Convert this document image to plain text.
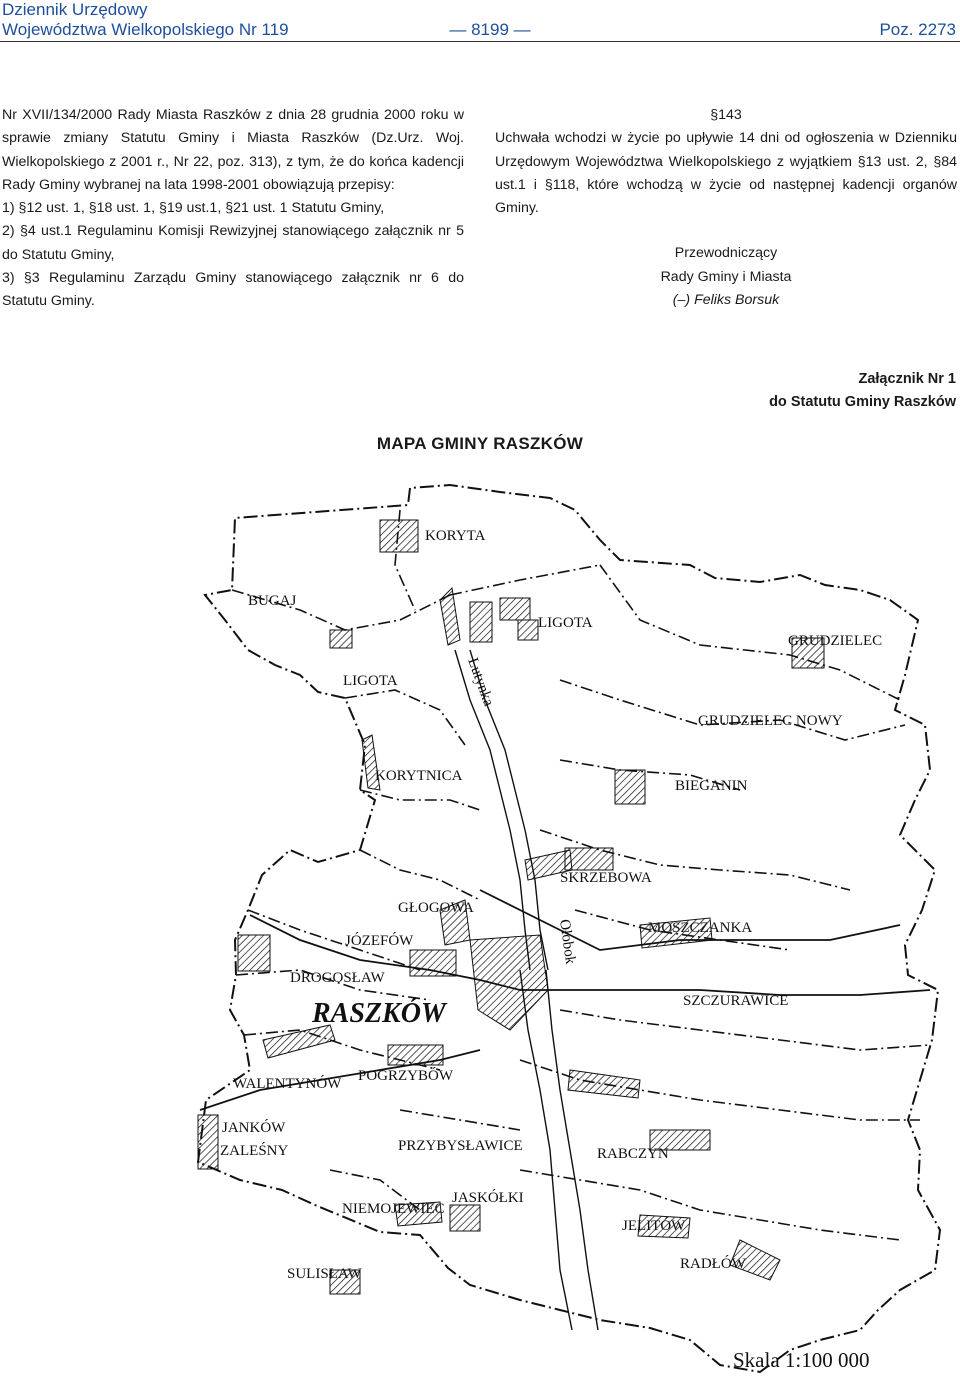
Dziennik Urzędowy
Województwa Wielkopolskiego Nr 119	— 8199 —	Poz. 2273

Nr XVII/134/2000 Rady Miasta Raszków z dnia 28 grudnia 2000 roku w sprawie zmiany Statutu Gminy i Miasta Raszków (Dz.Urz. Woj. Wielkopolskiego z 2001 r., Nr 22, poz. 313), z tym, że do końca kadencji Rady Gminy wybranej na lata 1998-2001 obowiązują przepisy:

1) §12 ust. 1, §18 ust. 1, §19 ust.1, §21 ust. 1 Statutu Gminy,

2) §4 ust.1 Regulaminu Komisji Rewizyjnej stanowiącego załącznik nr 5 do Statutu Gminy,

3) §3 Regulaminu Zarządu Gminy stanowiącego załącznik nr 6 do Statutu Gminy.

§143

Uchwała wchodzi w życie po upływie 14 dni od ogłoszenia w Dzienniku Urzędowym Województwa Wielkopolskiego z wyjątkiem §13 ust. 2, §84 ust.1 i §118, które wchodzą w życie od następnej kadencji organów Gminy.

Przewodniczący

Rady Gminy i Miasta

(–) Feliks Borsuk

Załącznik Nr 1
do Statutu Gminy Raszków
MAPA GMINY RASZKÓW
KORYTA
BUGAJ
LIGOTA
GRUDZIELEC
LIGOTA
GRUDZIELEC NOWY
KORYTNICA
BIEGANIN
SKRZEBOWA
GŁOGOWA
MOSZCZANKA
JÓZEFÓW
DROGOSŁAW
SZCZURAWICE
RASZKÓW
WALENTYNÓW POGRZYBÓW
JANKÓW
ZALEŚNY	PRZYBYSŁAWICE	RABCZYN
NIEMOJEWIEC
JASKÓŁKI
JELITÓW
SULISŁAW
RADŁÓW
Lutynka
Ołobok
Skala 1:100 000
